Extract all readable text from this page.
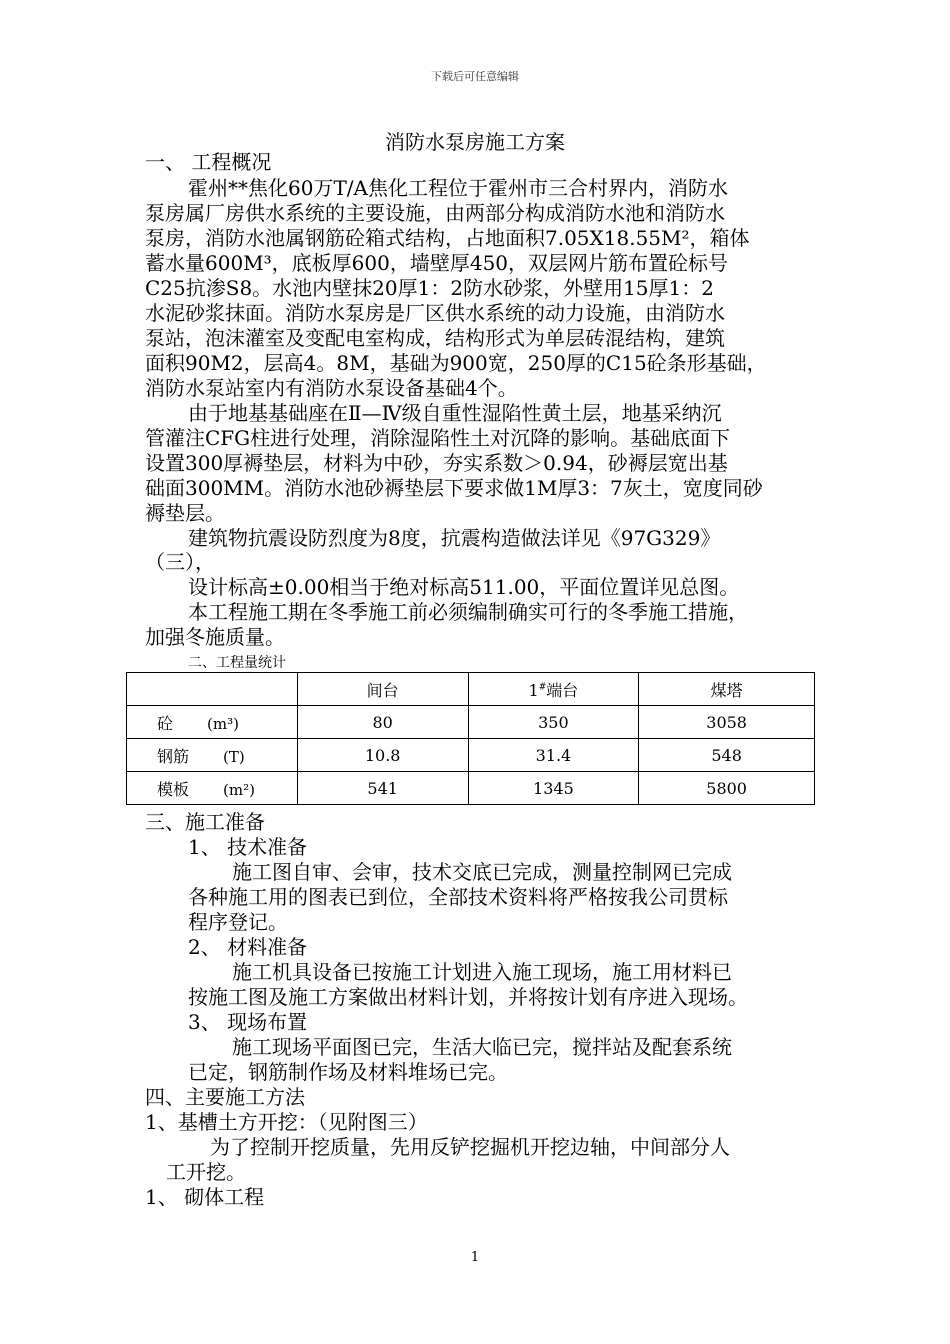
下载后可任意编辑
消防水泵房施工方案
一、 工程概况
霍州**焦化60万T/A焦化工程位于霍州市三合村界内，消防水
泵房属厂房供水系统的主要设施，由两部分构成消防水池和消防水
泵房，消防水池属钢筋砼箱式结构，占地面积7.05X18.55M²，箱体
蓄水量600M³，底板厚600，墙壁厚450，双层网片筋布置砼标号
C25抗渗S8。水池内壁抹20厚1：2防水砂浆，外壁用15厚1：2
水泥砂浆抹面。消防水泵房是厂区供水系统的动力设施，由消防水
泵站，泡沫灌室及变配电室构成，结构形式为单层砖混结构，建筑
面积90M2，层高4。8M，基础为900宽，250厚的C15砼条形基础，
消防水泵站室内有消防水泵设备基础4个。
由于地基基础座在Ⅱ—Ⅳ级自重性湿陷性黄土层，地基采纳沉
管灌注CFG柱进行处理，消除湿陷性土对沉降的影响。基础底面下
设置300厚褥垫层，材料为中砂，夯实系数＞0.94，砂褥层宽出基
础面300MM。消防水池砂褥垫层下要求做1M厚3：7灰土，宽度同砂
褥垫层。
建筑物抗震设防烈度为8度，抗震构造做法详见《97G329》
（三），
设计标高±0.00相当于绝对标高511.00，平面位置详见总图。
本工程施工期在冬季施工前必须编制确实可行的冬季施工措施，
加强冬施质量。
二、工程量统计
	间台	1#端台	煤塔
砼 (m³)	80	350	3058
钢筋 (T)	10.8	31.4	548
模板 (m²)	541	1345	5800
三、施工准备
1、 技术准备
施工图自审、会审，技术交底已完成，测量控制网已完成
各种施工用的图表已到位，全部技术资料将严格按我公司贯标
程序登记。
2、 材料准备
施工机具设备已按施工计划进入施工现场，施工用材料已
按施工图及施工方案做出材料计划，并将按计划有序进入现场。
3、 现场布置
施工现场平面图已完，生活大临已完，搅拌站及配套系统
已定，钢筋制作场及材料堆场已完。
四、主要施工方法
1、基槽土方开挖：（见附图三）
为了控制开挖质量，先用反铲挖掘机开挖边轴，中间部分人
工开挖。
1、 砌体工程
1
